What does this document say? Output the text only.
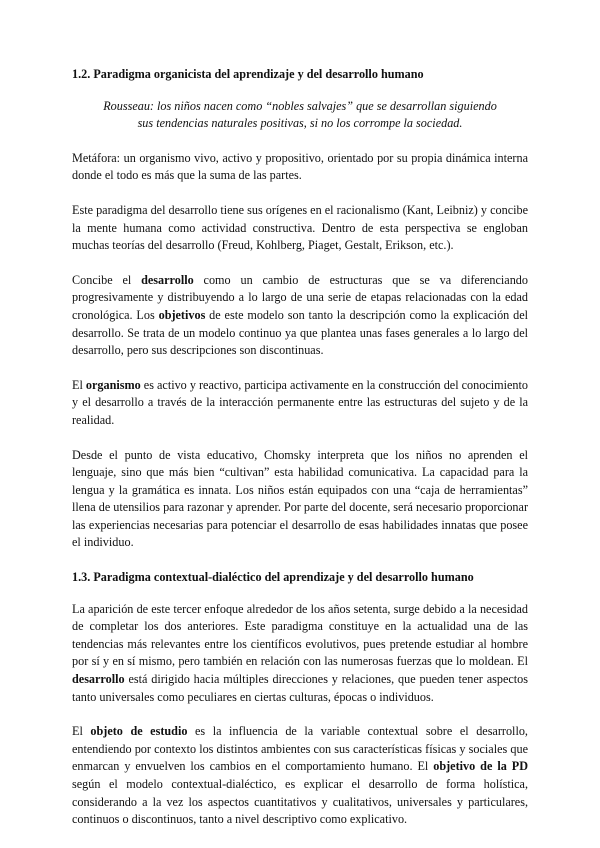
1.2. Paradigma organicista del aprendizaje y del desarrollo humano
Rousseau: los niños nacen como “nobles salvajes” que se desarrollan siguiendo sus tendencias naturales positivas, si no los corrompe la sociedad.

Metáfora: un organismo vivo, activo y propositivo, orientado por su propia dinámica interna donde el todo es más que la suma de las partes.

Este paradigma del desarrollo tiene sus orígenes en el racionalismo (Kant, Leibniz) y concibe la mente humana como actividad constructiva. Dentro de esta perspectiva se engloban muchas teorías del desarrollo (Freud, Kohlberg, Piaget, Gestalt, Erikson, etc.).

Concibe el desarrollo como un cambio de estructuras que se va diferenciando progresivamente y distribuyendo a lo largo de una serie de etapas relacionadas con la edad cronológica. Los objetivos de este modelo son tanto la descripción como la explicación del desarrollo. Se trata de un modelo continuo ya que plantea unas fases generales a lo largo del desarrollo, pero sus descripciones son discontinuas.

El organismo es activo y reactivo, participa activamente en la construcción del conocimiento y el desarrollo a través de la interacción permanente entre las estructuras del sujeto y de la realidad.

Desde el punto de vista educativo, Chomsky interpreta que los niños no aprenden el lenguaje, sino que más bien “cultivan” esta habilidad comunicativa. La capacidad para la lengua y la gramática es innata. Los niños están equipados con una “caja de herramientas” llena de utensilios para razonar y aprender. Por parte del docente, será necesario proporcionar las experiencias necesarias para potenciar el desarrollo de esas habilidades innatas que posee el individuo.

1.3. Paradigma contextual-dialéctico del aprendizaje y del desarrollo humano

La aparición de este tercer enfoque alrededor de los años setenta, surge debido a la necesidad de completar los dos anteriores. Este paradigma constituye en la actualidad una de las tendencias más relevantes entre los científicos evolutivos, pues pretende estudiar al hombre por sí y en sí mismo, pero también en relación con las numerosas fuerzas que lo moldean. El desarrollo está dirigido hacia múltiples direcciones y relaciones, que pueden tener aspectos tanto universales como peculiares en ciertas culturas, épocas o individuos.

El objeto de estudio es la influencia de la variable contextual sobre el desarrollo, entendiendo por contexto los distintos ambientes con sus características físicas y sociales que enmarcan y envuelven los cambios en el comportamiento humano. El objetivo de la PD según el modelo contextual-dialéctico, es explicar el desarrollo de forma holística, considerando a la vez los aspectos cuantitativos y cualitativos, universales y particulares, continuos o discontinuos, tanto a nivel descriptivo como explicativo.
